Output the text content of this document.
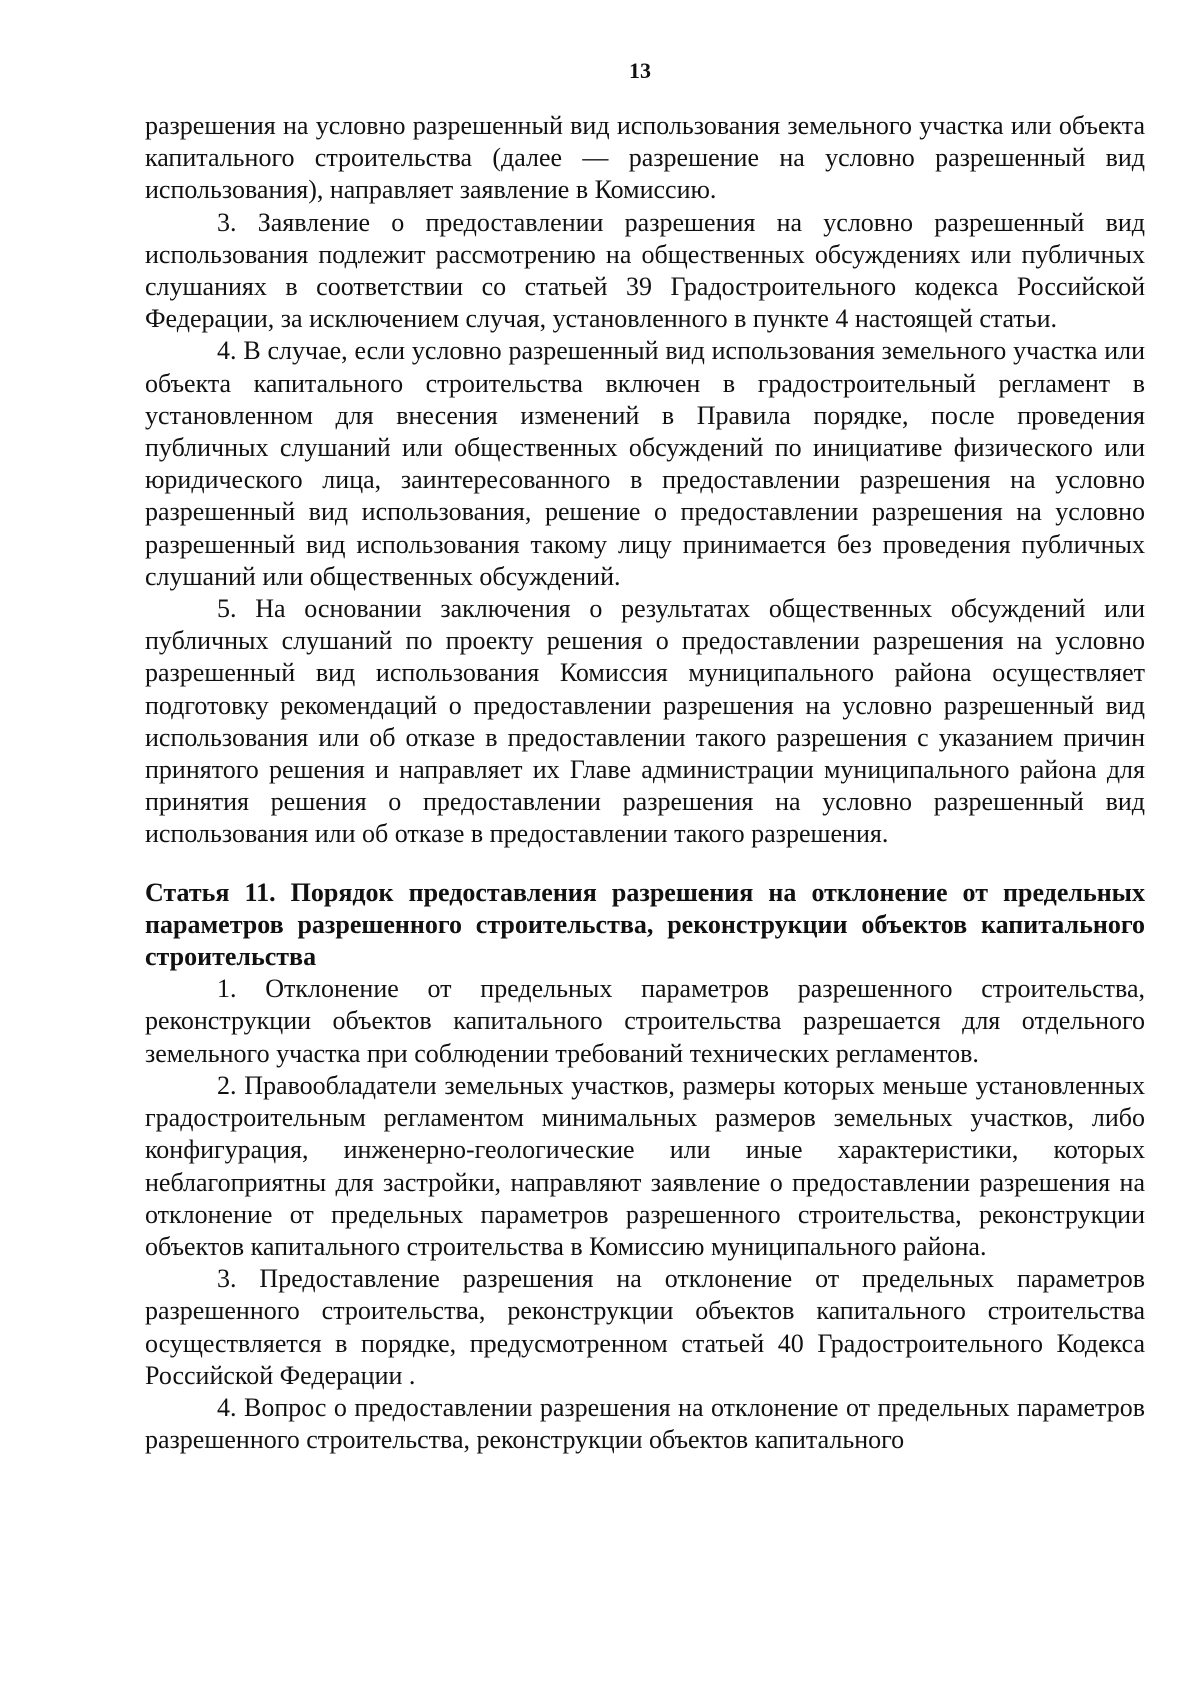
13

разрешения на условно разрешенный вид использования земельного участка или объекта капитального строительства (далее — разрешение на условно разрешенный вид использования), направляет заявление в Комиссию.

3. Заявление о предоставлении разрешения на условно разрешенный вид использования подлежит рассмотрению на общественных обсуждениях или публичных слушаниях в соответствии со статьей 39 Градостроительного кодекса Российской Федерации, за исключением случая, установленного в пункте 4 настоящей статьи.

4. В случае, если условно разрешенный вид использования земельного участка или объекта капитального строительства включен в градостроительный регламент в установленном для внесения изменений в Правила порядке, после проведения публичных слушаний или общественных обсуждений по инициативе физического или юридического лица, заинтересованного в предоставлении разрешения на условно разрешенный вид использования, решение о предоставлении разрешения на условно разрешенный вид использования такому лицу принимается без проведения публичных слушаний или общественных обсуждений.

5. На основании заключения о результатах общественных обсуждений или публичных слушаний по проекту решения о предоставлении разрешения на условно разрешенный вид использования Комиссия муниципального района осуществляет подготовку рекомендаций о предоставлении разрешения на условно разрешенный вид использования или об отказе в предоставлении такого разрешения с указанием причин принятого решения и направляет их Главе администрации муниципального района для принятия решения о предоставлении разрешения на условно разрешенный вид использования или об отказе в предоставлении такого разрешения.

Статья 11. Порядок предоставления разрешения на отклонение от предельных параметров разрешенного строительства, реконструкции объектов капитального строительства

1. Отклонение от предельных параметров разрешенного строительства, реконструкции объектов капитального строительства разрешается для отдельного земельного участка при соблюдении требований технических регламентов.

2. Правообладатели земельных участков, размеры которых меньше установленных градостроительным регламентом минимальных размеров земельных участков, либо конфигурация, инженерно-геологические или иные характеристики, которых неблагоприятны для застройки, направляют заявление о предоставлении разрешения на отклонение от предельных параметров разрешенного строительства, реконструкции объектов капитального строительства в Комиссию муниципального района.

3. Предоставление разрешения на отклонение от предельных параметров разрешенного строительства, реконструкции объектов капитального строительства осуществляется в порядке, предусмотренном статьей 40 Градостроительного Кодекса Российской Федерации .

4. Вопрос о предоставлении разрешения на отклонение от предельных параметров разрешенного строительства, реконструкции объектов капитального
